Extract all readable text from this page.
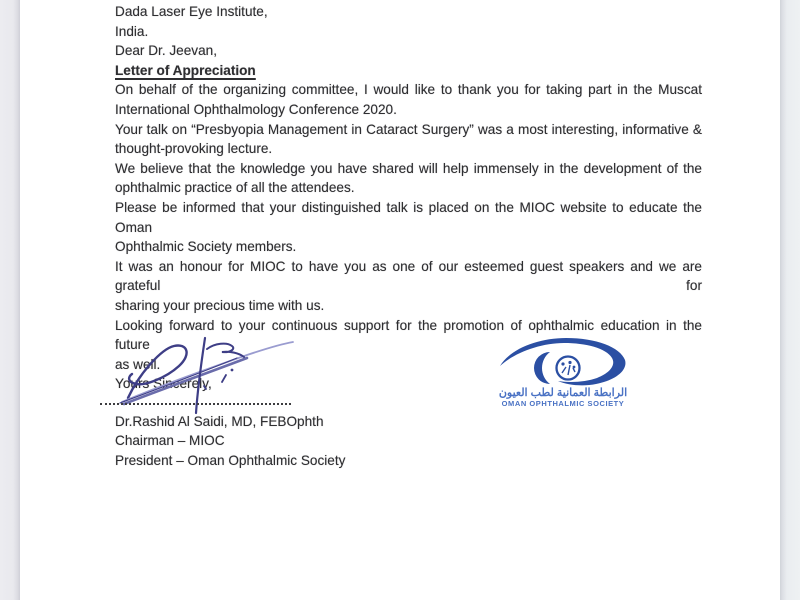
Dada Laser Eye Institute,
India.
Dear Dr. Jeevan,
Letter of Appreciation
On behalf of the organizing committee, I would like to thank you for taking part in the Muscat
International Ophthalmology Conference 2020.
Your talk on “Presbyopia Management in Cataract Surgery” was a most interesting, informative &
thought-provoking lecture.
We believe that the knowledge you have shared will help immensely in the development of the
ophthalmic practice of all the attendees.
Please be informed that your distinguished talk is placed on the MIOC website to educate the Oman
Ophthalmic Society members.
It was an honour for MIOC to have you as one of our esteemed guest speakers and we are grateful for
sharing your precious time with us.
Looking forward to your continuous support for the promotion of ophthalmic education in the future
as well.
Yours Sincerely,
Dr.Rashid Al Saidi, MD, FEBOphth
Chairman – MIOC
President – Oman Ophthalmic Society
الرابطة العمانية لطب العيون
OMAN OPHTHALMIC SOCIETY
